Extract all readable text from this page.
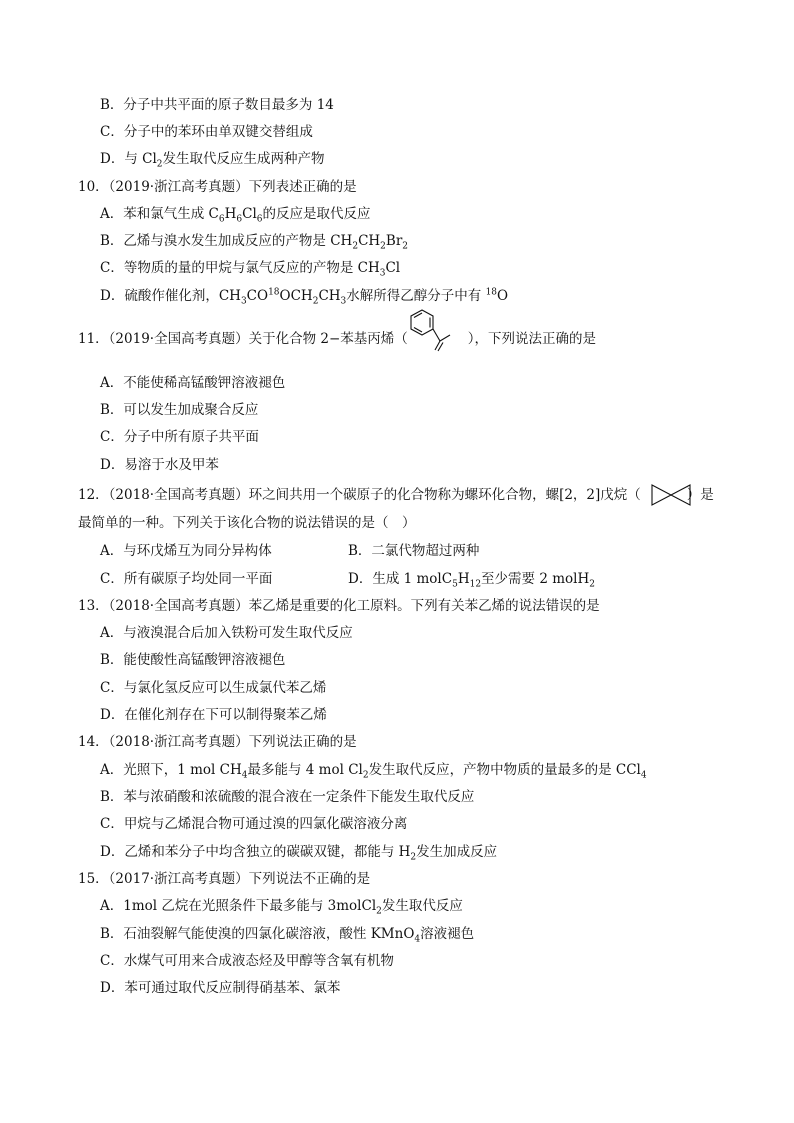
B．分子中共平面的原子数目最多为 14
C．分子中的苯环由单双键交替组成
D．与 $Cl_2$发生取代反应生成两种产物
10．（2019·浙江高考真题）下列表述正确的是
A．苯和氯气生成 $C_6H_6Cl_6$的反应是取代反应
B．乙烯与溴水发生加成反应的产物是 $CH_2CH_2Br_2$
C．等物质的量的甲烷与氯气反应的产物是 $CH_3Cl$
D．硫酸作催化剂，$CH_3CO^{18}OCH_2CH_3$水解所得乙醇分子中有 $^{18}$O
11．（2019·全国高考真题）关于化合物 2−苯基丙烯（	），下列说法正确的是
A．不能使稀高锰酸钾溶液褪色
B．可以发生加成聚合反应
C．分子中所有原子共平面
D．易溶于水及甲苯
12．（2018·全国高考真题）环之间共用一个碳原子的化合物称为螺环化合物，螺[2，2]戊烷（	）是
最简单的一种。下列关于该化合物的说法错误的是（　）
A．与环戊烯互为同分异构体	B．二氯代物超过两种
C．所有碳原子均处同一平面	D．生成 1 $molC_5H_{12}$至少需要 2 molH$_2$
13．（2018·全国高考真题）苯乙烯是重要的化工原料。下列有关苯乙烯的说法错误的是
A．与液溴混合后加入铁粉可发生取代反应
B．能使酸性高锰酸钾溶液褪色
C．与氯化氢反应可以生成氯代苯乙烯
D．在催化剂存在下可以制得聚苯乙烯
14．（2018·浙江高考真题）下列说法正确的是
A．光照下，1 mol $CH_4$最多能与 4 mol $Cl_2$发生取代反应，产物中物质的量最多的是 CCl$_4$
B．苯与浓硝酸和浓硫酸的混合液在一定条件下能发生取代反应
C．甲烷与乙烯混合物可通过溴的四氯化碳溶液分离
D．乙烯和苯分子中均含独立的碳碳双键，都能与 $H_2$发生加成反应
15．（2017·浙江高考真题）下列说法不正确的是
A．1mol 乙烷在光照条件下最多能与 3molCl$_2$发生取代反应
B．石油裂解气能使溴的四氯化碳溶液，酸性 KMnO$_4$溶液褪色
C．水煤气可用来合成液态烃及甲醇等含氧有机物
D．苯可通过取代反应制得硝基苯、氯苯
